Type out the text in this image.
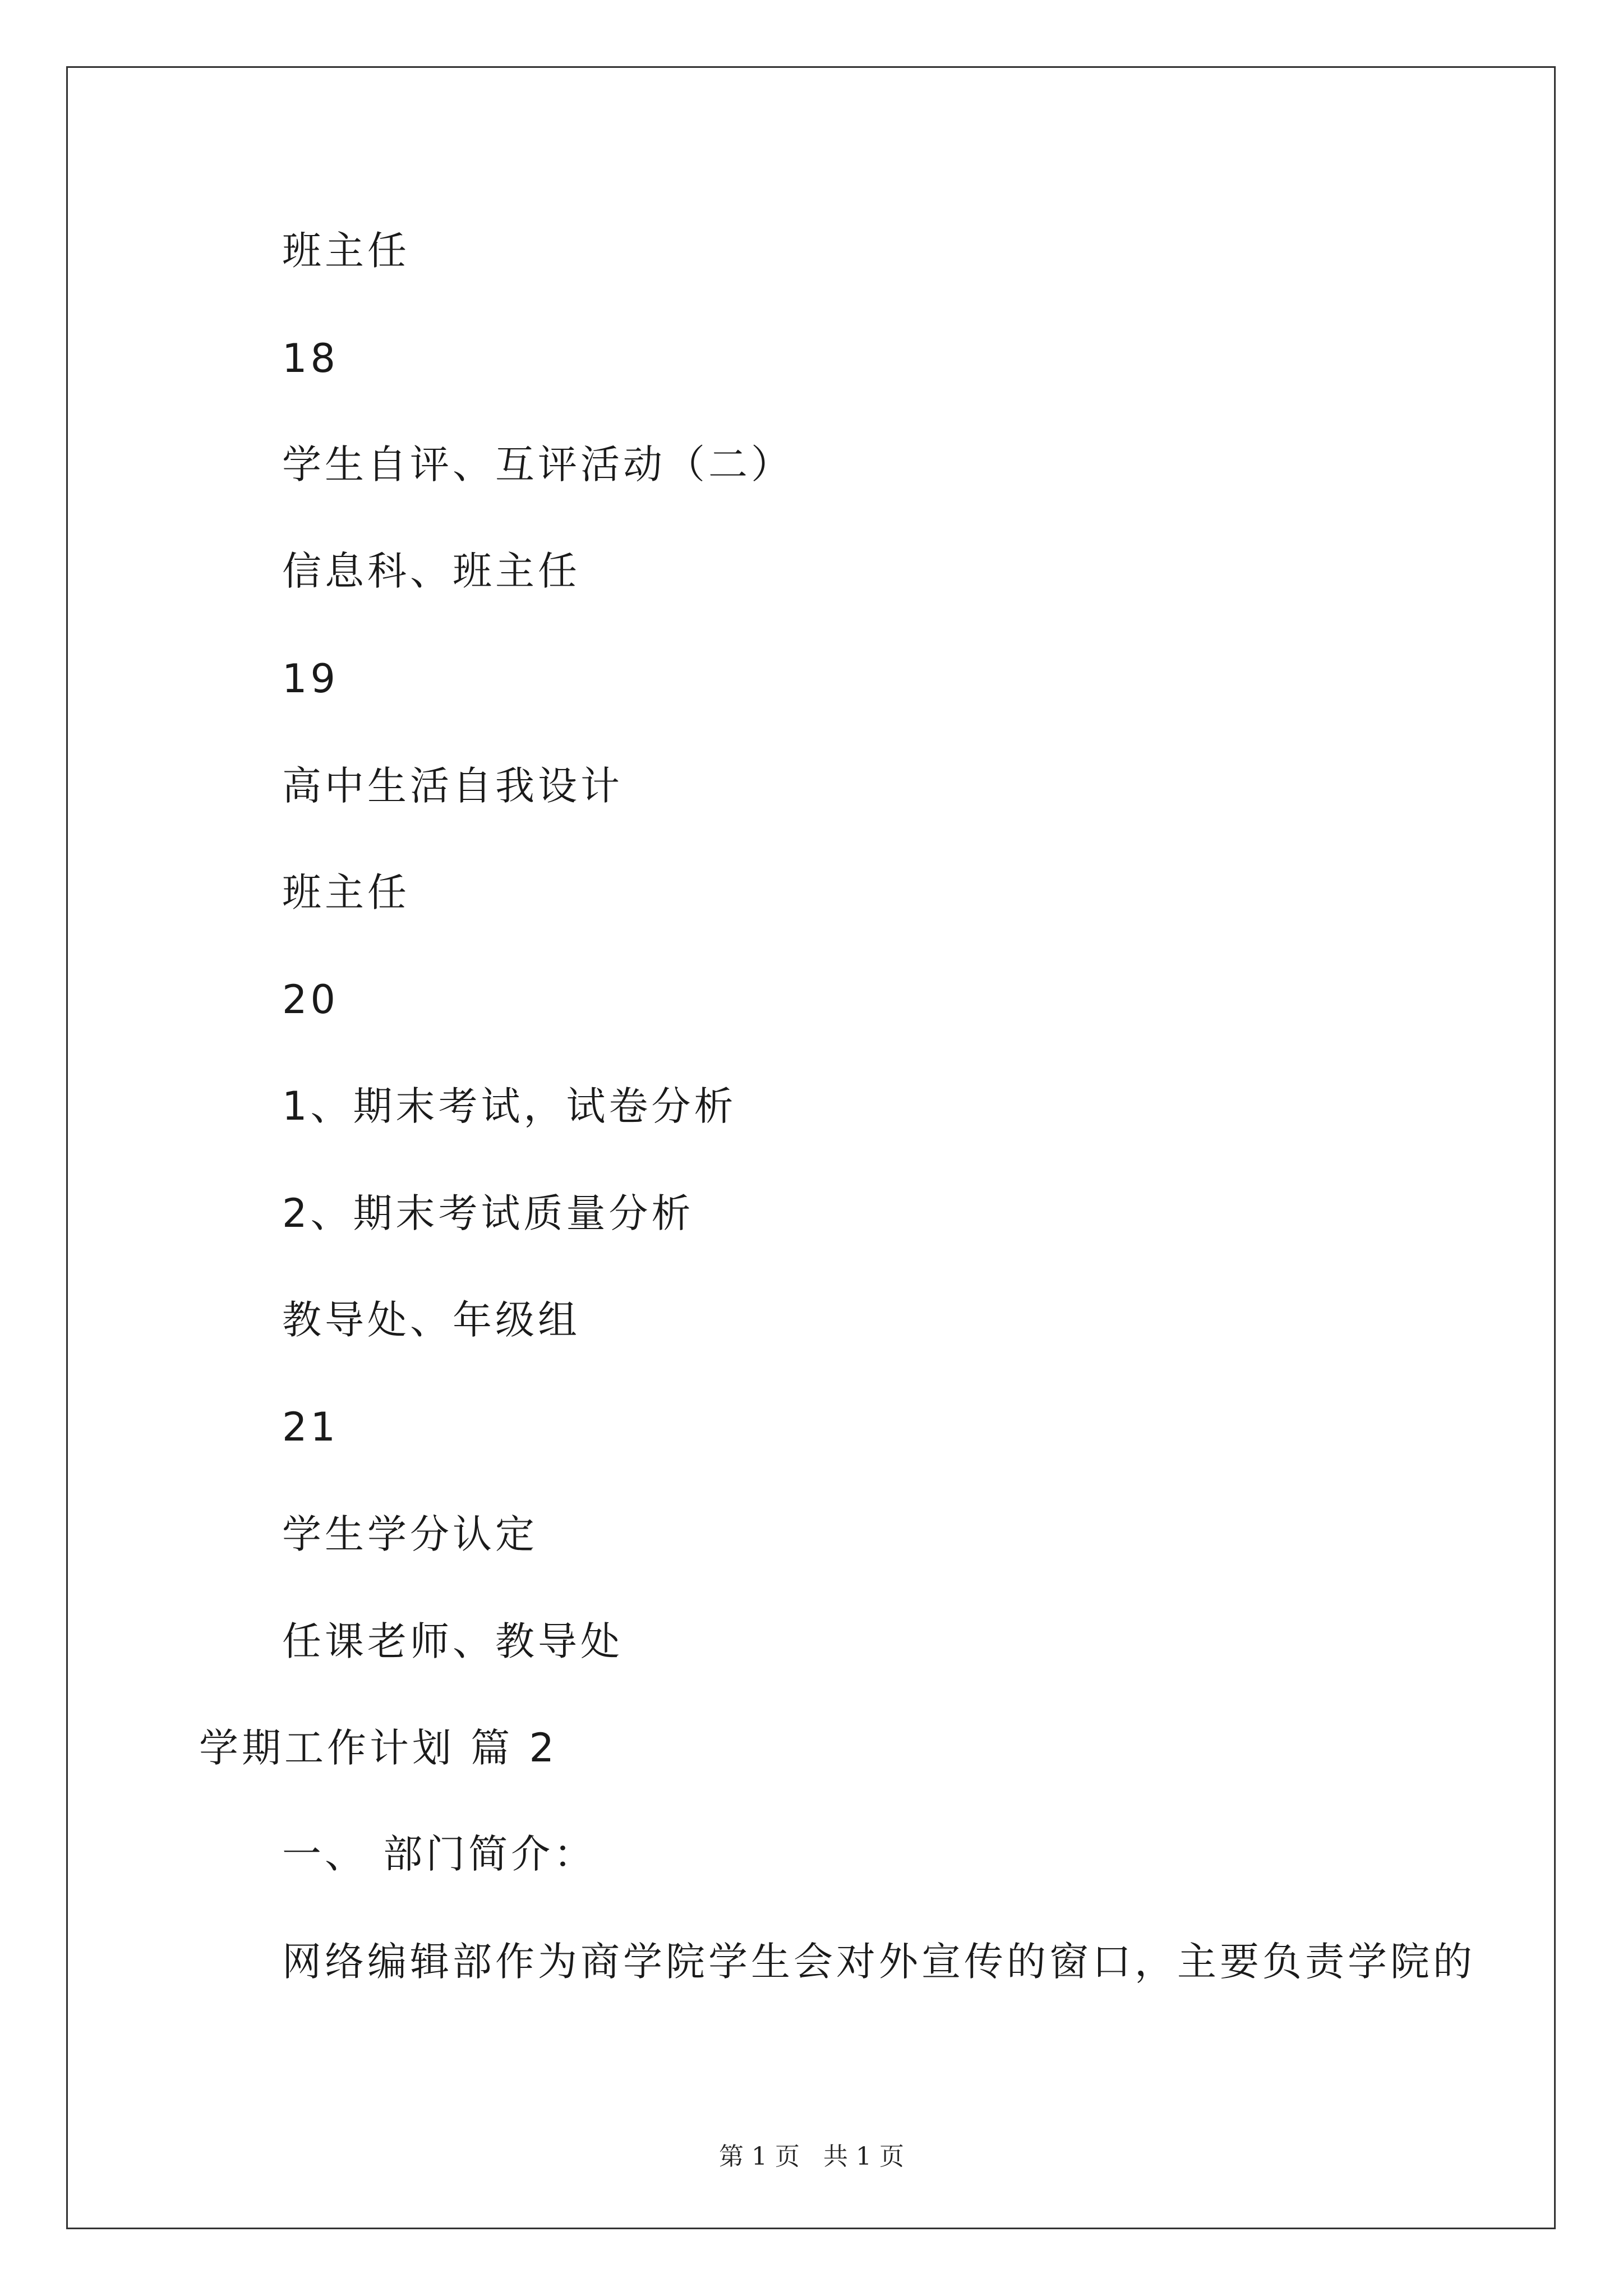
班主任
18
学生自评、互评活动（二）
信息科、班主任
19
高中生活自我设计
班主任
20
1、期末考试，试卷分析
2、期末考试质量分析
教导处、年级组
21
学生学分认定
任课老师、教导处
学期工作计划 篇 2
一、 部门简介：
网络编辑部作为商学院学生会对外宣传的窗口，主要负责学院的
第 1 页 共 1 页
